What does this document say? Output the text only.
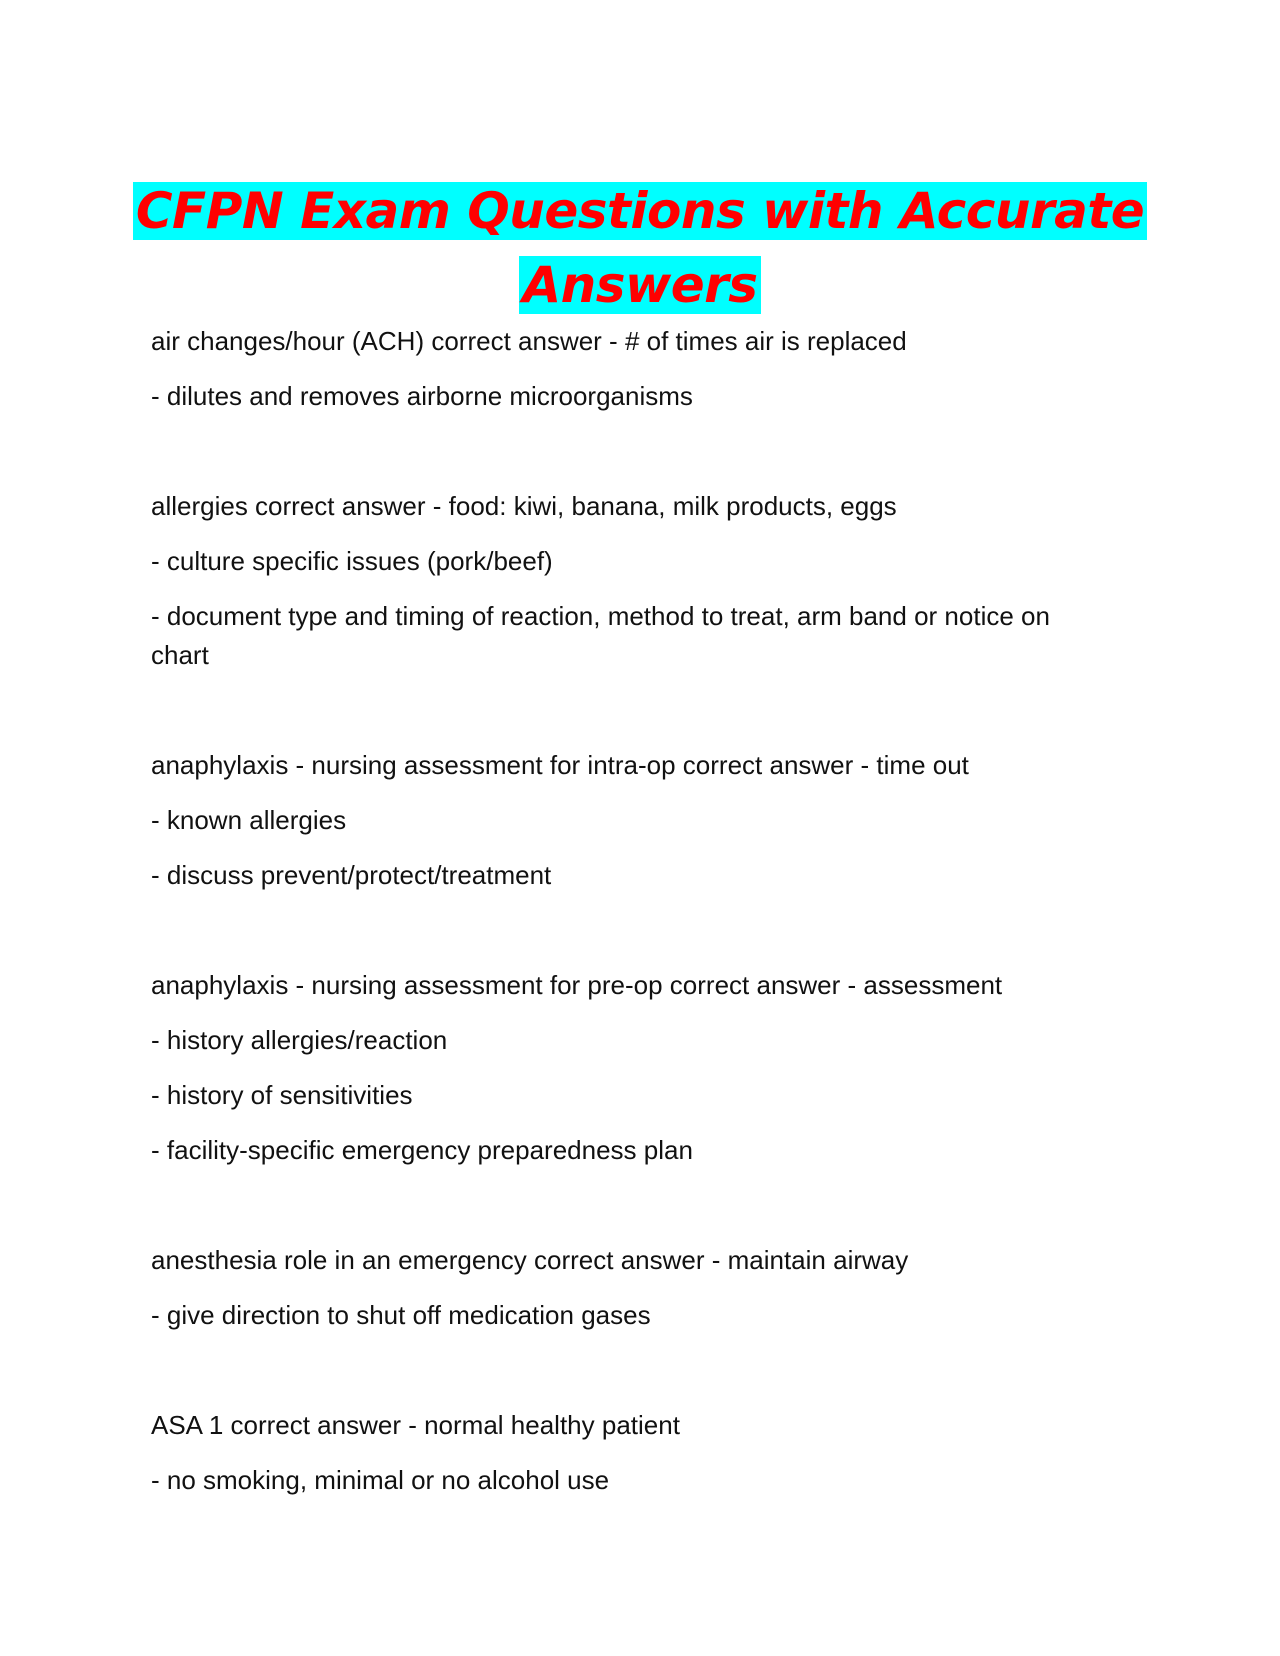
CFPN Exam Questions with Accurate
Answers

air changes/hour (ACH) correct answer - # of times air is replaced

- dilutes and removes airborne microorganisms

allergies correct answer - food: kiwi, banana, milk products, eggs

- culture specific issues (pork/beef)

- document type and timing of reaction, method to treat, arm band or notice on chart

anaphylaxis - nursing assessment for intra-op correct answer - time out

- known allergies

- discuss prevent/protect/treatment

anaphylaxis - nursing assessment for pre-op correct answer - assessment

- history allergies/reaction

- history of sensitivities

- facility-specific emergency preparedness plan

anesthesia role in an emergency correct answer - maintain airway

- give direction to shut off medication gases

ASA 1 correct answer - normal healthy patient

- no smoking, minimal or no alcohol use
